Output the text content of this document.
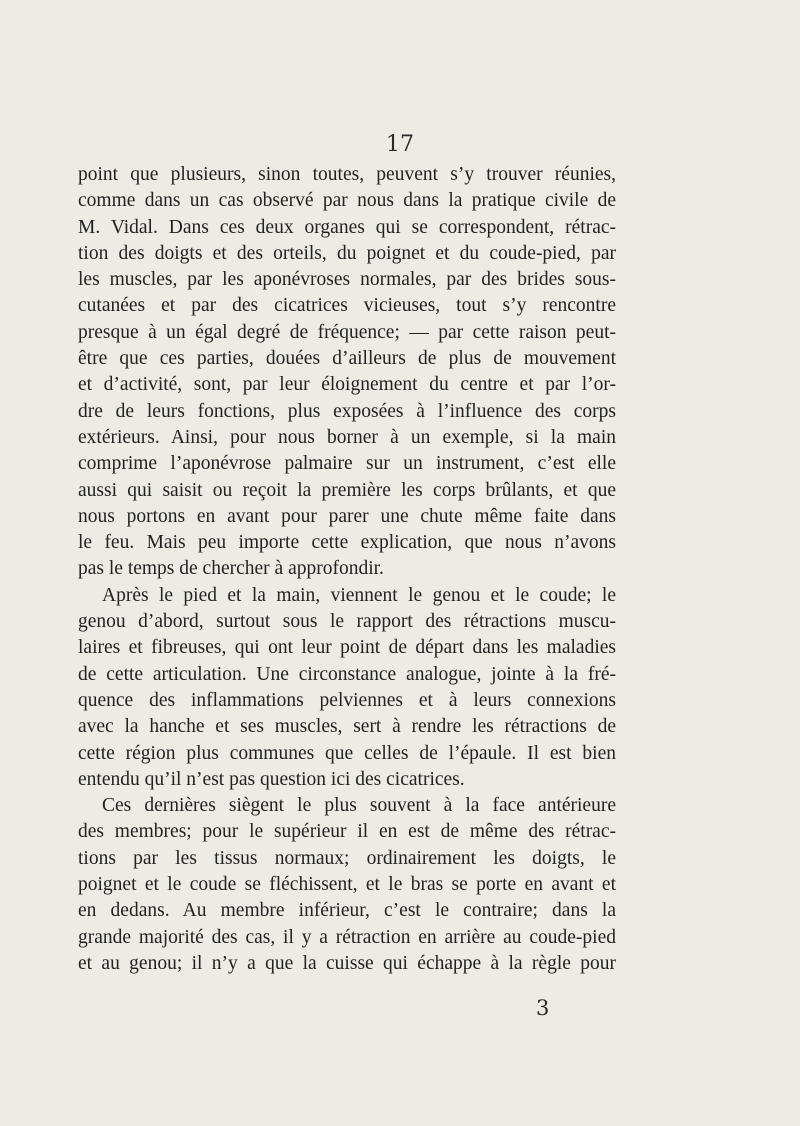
17
point que plusieurs, sinon toutes, peuvent s’y trouver réunies,
comme dans un cas observé par nous dans la pratique civile de
M. Vidal. Dans ces deux organes qui se correspondent, rétrac-
tion des doigts et des orteils, du poignet et du coude-pied, par
les muscles, par les aponévroses normales, par des brides sous-
cutanées et par des cicatrices vicieuses, tout s’y rencontre
presque à un égal degré de fréquence; — par cette raison peut-
être que ces parties, douées d’ailleurs de plus de mouvement
et d’activité, sont, par leur éloignement du centre et par l’or-
dre de leurs fonctions, plus exposées à l’influence des corps
extérieurs. Ainsi, pour nous borner à un exemple, si la main
comprime l’aponévrose palmaire sur un instrument, c’est elle
aussi qui saisit ou reçoit la première les corps brûlants, et que
nous portons en avant pour parer une chute même faite dans
le feu. Mais peu importe cette explication, que nous n’avons
pas le temps de chercher à approfondir.
Après le pied et la main, viennent le genou et le coude; le
genou d’abord, surtout sous le rapport des rétractions muscu-
laires et fibreuses, qui ont leur point de départ dans les maladies
de cette articulation. Une circonstance analogue, jointe à la fré-
quence des inflammations pelviennes et à leurs connexions
avec la hanche et ses muscles, sert à rendre les rétractions de
cette région plus communes que celles de l’épaule. Il est bien
entendu qu’il n’est pas question ici des cicatrices.
Ces dernières siègent le plus souvent à la face antérieure
des membres; pour le supérieur il en est de même des rétrac-
tions par les tissus normaux; ordinairement les doigts, le
poignet et le coude se fléchissent, et le bras se porte en avant et
en dedans. Au membre inférieur, c’est le contraire; dans la
grande majorité des cas, il y a rétraction en arrière au coude-pied
et au genou; il n’y a que la cuisse qui échappe à la règle pour
3
